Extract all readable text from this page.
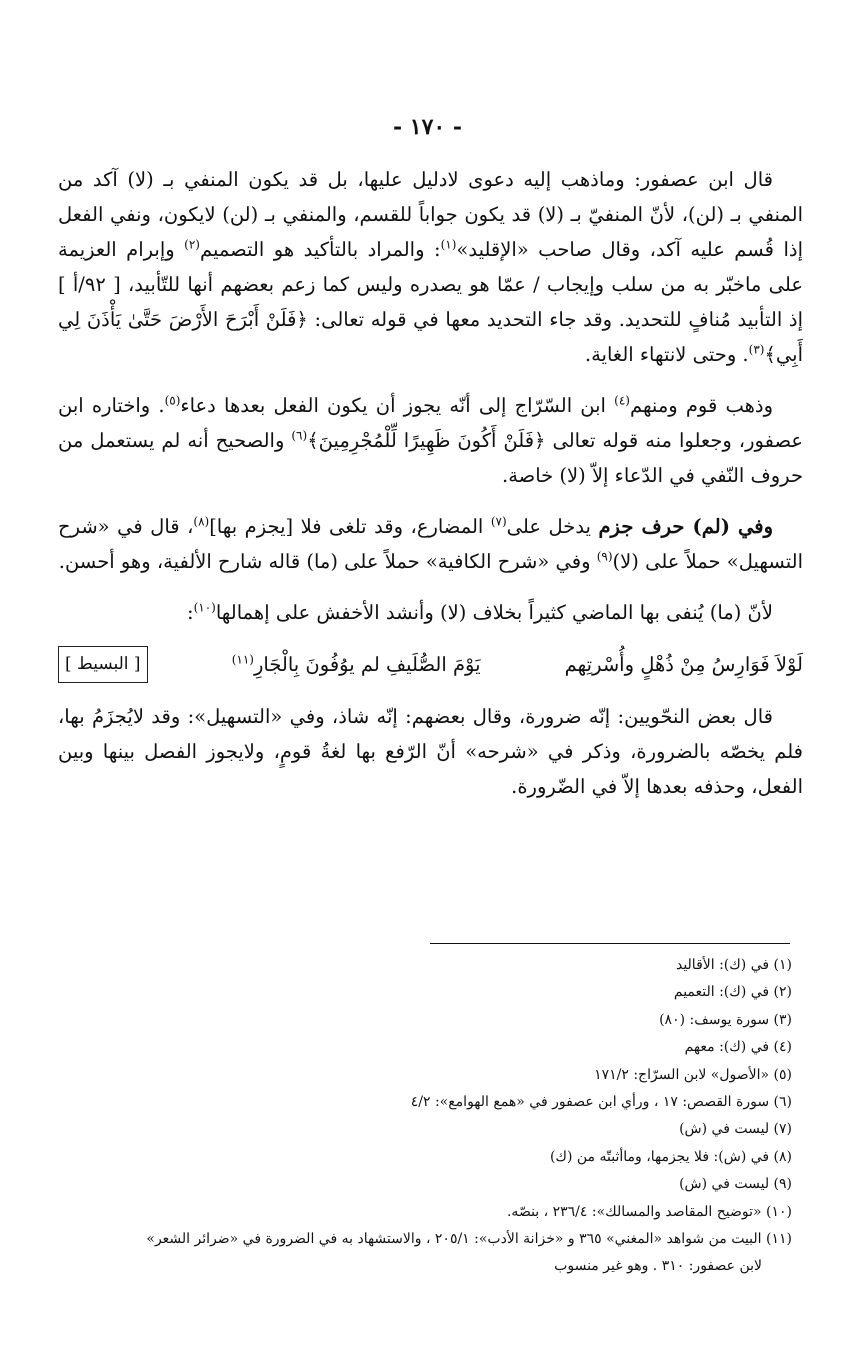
- ١٧٠ -

قال ابن عصفور: وماذهب إليه دعوى لادليل عليها، بل قد يكون المنفي بـ (لا) آكد من المنفي بـ (لن)، لأنّ المنفيّ بـ (لا) قد يكون جواباً للقسم، والمنفي بـ (لن) لايكون، ونفي الفعل إذا قُسم عليه آكد، وقال صاحب «الإقليد»$^{(١)}$: والمراد بالتأكيد هو التصميم$^{(٢)}$ وإبرام العزيمة على ماخبّر به من سلب وإيجاب / عمّا هو يصدره وليس كما زعم بعضهم أنها للتّأبيد، [ ٩٢/أ ] إذ التأبيد مُنافٍ للتحديد. وقد جاء التحديد معها في قوله تعالى: ﴿فَلَنْ أَبْرَحَ الأَرْضَ حَتَّىٰ يَأْذَنَ لِي أَبِي﴾$^{(٣)}$. وحتى لانتهاء الغاية.

وذهب قوم ومنهم$^{(٤)}$ ابن السّرّاج إلى أنّه يجوز أن يكون الفعل بعدها دعاء$^{(٥)}$. واختاره ابن عصفور، وجعلوا منه قوله تعالى ﴿فَلَنْ أَكُونَ ظَهِيرًا لِّلْمُجْرِمِينَ﴾$^{(٦)}$ والصحيح أنه لم يستعمل من حروف النّفي في الدّعاء إلاّ (لا) خاصة.

وفي (لم) حرف جزم يدخل على$^{(٧)}$ المضارع، وقد تلغى فلا [يجزم بها]$^{(٨)}$، قال في «شرح التسهيل» حملاً على (لا)$^{(٩)}$ وفي «شرح الكافية» حملاً على (ما) قاله شارح الألفية، وهو أحسن.

لأنّ (ما) يُنفى بها الماضي كثيراً بخلاف (لا) وأنشد الأخفش على إهمالها$^{(١٠)}$:

لَوْلاَ فَوَارِسُ مِنْ ذُهْلٍ وأُسْرتِهم
يَوْمَ الصُّلَيفِ لم يوُفُونَ بِالْجَارِ$^{(١١)}$
[ البسيط ]

قال بعض النحّويين: إنّه ضرورة، وقال بعضهم: إنّه شاذ، وفي «التسهيل»: وقد لايُجزَمُ بها، فلم يخصّه بالضرورة، وذكر في «شرحه» أنّ الرّفع بها لغةُ قومٍ، ولايجوز الفصل بينها وبين الفعل، وحذفه بعدها إلاّ في الضّرورة.

(١) في (ك): الأقاليد

(٢) في (ك): التعميم

(٣) سورة يوسف: (٨٠)

(٤) في (ك): معهم

(٥) «الأصول» لابن السرّاج: ١٧١/٢

(٦) سورة القصص: ١٧ ، ورأي ابن عصفور في «همع الهوامع»: ٤/٢

(٧) ليست في (ش)

(٨) في (ش): فلا يجزمها، وماأثبتّه من (ك)

(٩) ليست في (ش)

(١٠) «توضيح المقاصد والمسالك»: ٢٣٦/٤ ، بنصّه.

(١١) البيت من شواهد «المغني» ٣٦٥ و «خزانة الأدب»: ٢٠٥/١ ، والاستشهاد به في الضرورة في «ضرائر الشعر»

لابن عصفور: ٣١٠ . وهو غير منسوب
